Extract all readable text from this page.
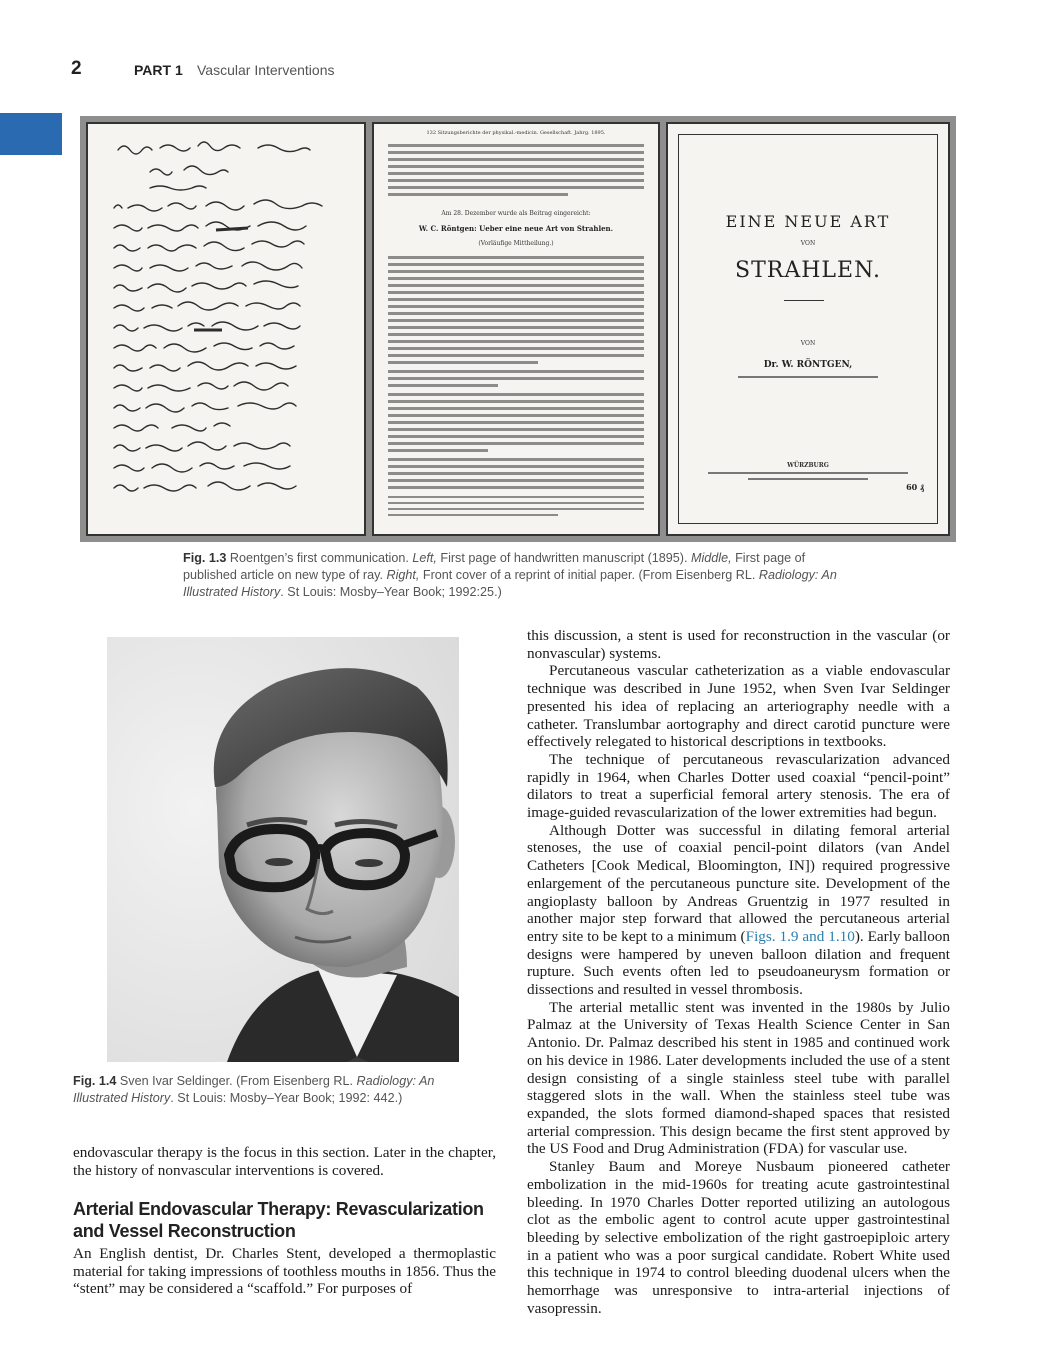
2	PART 1 Vascular Interventions
132 Sitzungsberichte der physikal.-medicin. Gesellschaft. Jahrg. 1895.
Am 28. Dezember wurde als Beitrag eingereicht:
W. C. Röntgen: Ueber eine neue Art von Strahlen.
(Vorläufige Mittheilung.)
EINE NEUE ART
VON
STRAHLEN.
VON
Dr. W. RÖNTGEN,
WÜRZBURG
60 ₰
Fig. 1.3 Roentgen’s first communication. Left, First page of handwritten manuscript (1895). Middle, First page of published article on new type of ray. Right, Front cover of a reprint of initial paper. (From Eisenberg RL. Radiology: An Illustrated History. St Louis: Mosby–Year Book; 1992:25.)
Fig. 1.4 Sven Ivar Seldinger. (From Eisenberg RL. Radiology: An Illustrated History. St Louis: Mosby–Year Book; 1992: 442.)

this discussion, a stent is used for reconstruction in the vascular (or nonvascular) systems.

Percutaneous vascular catheterization as a viable endovascular technique was described in June 1952, when Sven Ivar Seldinger presented his idea of replacing an arteriography needle with a catheter. Translumbar aortography and direct carotid puncture were effectively relegated to historical descriptions in textbooks.

The technique of percutaneous revascularization advanced rapidly in 1964, when Charles Dotter used coaxial “pencil-point” dilators to treat a superficial femoral artery stenosis. The era of image-guided revascularization of the lower extremities had begun.

Although Dotter was successful in dilating femoral arterial stenoses, the use of coaxial pencil-point dilators (van Andel Catheters [Cook Medical, Bloomington, IN]) required progressive enlargement of the percutaneous puncture site. Development of the angioplasty balloon by Andreas Gruentzig in 1977 resulted in another major step forward that allowed the percutaneous arterial entry site to be kept to a minimum (Figs. 1.9 and 1.10). Early balloon designs were hampered by uneven balloon dilation and frequent rupture. Such events often led to pseudoaneurysm formation or dissections and resulted in vessel thrombosis.

The arterial metallic stent was invented in the 1980s by Julio Palmaz at the University of Texas Health Science Center in San Antonio. Dr. Palmaz described his stent in 1985 and continued work on his device in 1986. Later developments included the use of a stent design consisting of a single stainless steel tube with parallel staggered slots in the wall. When the stainless steel tube was expanded, the slots formed diamond-shaped spaces that resisted arterial compression. This design became the first stent approved by the US Food and Drug Administration (FDA) for vascular use.

Stanley Baum and Moreye Nusbaum pioneered catheter embolization in the mid-1960s for treating acute gastrointestinal bleeding. In 1970 Charles Dotter reported utilizing an autologous clot as the embolic agent to control acute upper gastrointestinal bleeding by selective embolization of the right gastroepiploic artery in a patient who was a poor surgical candidate. Robert White used this technique in 1974 to control bleeding duodenal ulcers when the hemorrhage was unresponsive to intra-arterial injections of vasopressin.

endovascular therapy is the focus in this section. Later in the chapter, the history of nonvascular interventions is covered.

Arterial Endovascular Therapy: Revascularization and Vessel Reconstruction

An English dentist, Dr. Charles Stent, developed a thermoplastic material for taking impressions of toothless mouths in 1856. Thus the “stent” may be considered a “scaffold.” For purposes of
